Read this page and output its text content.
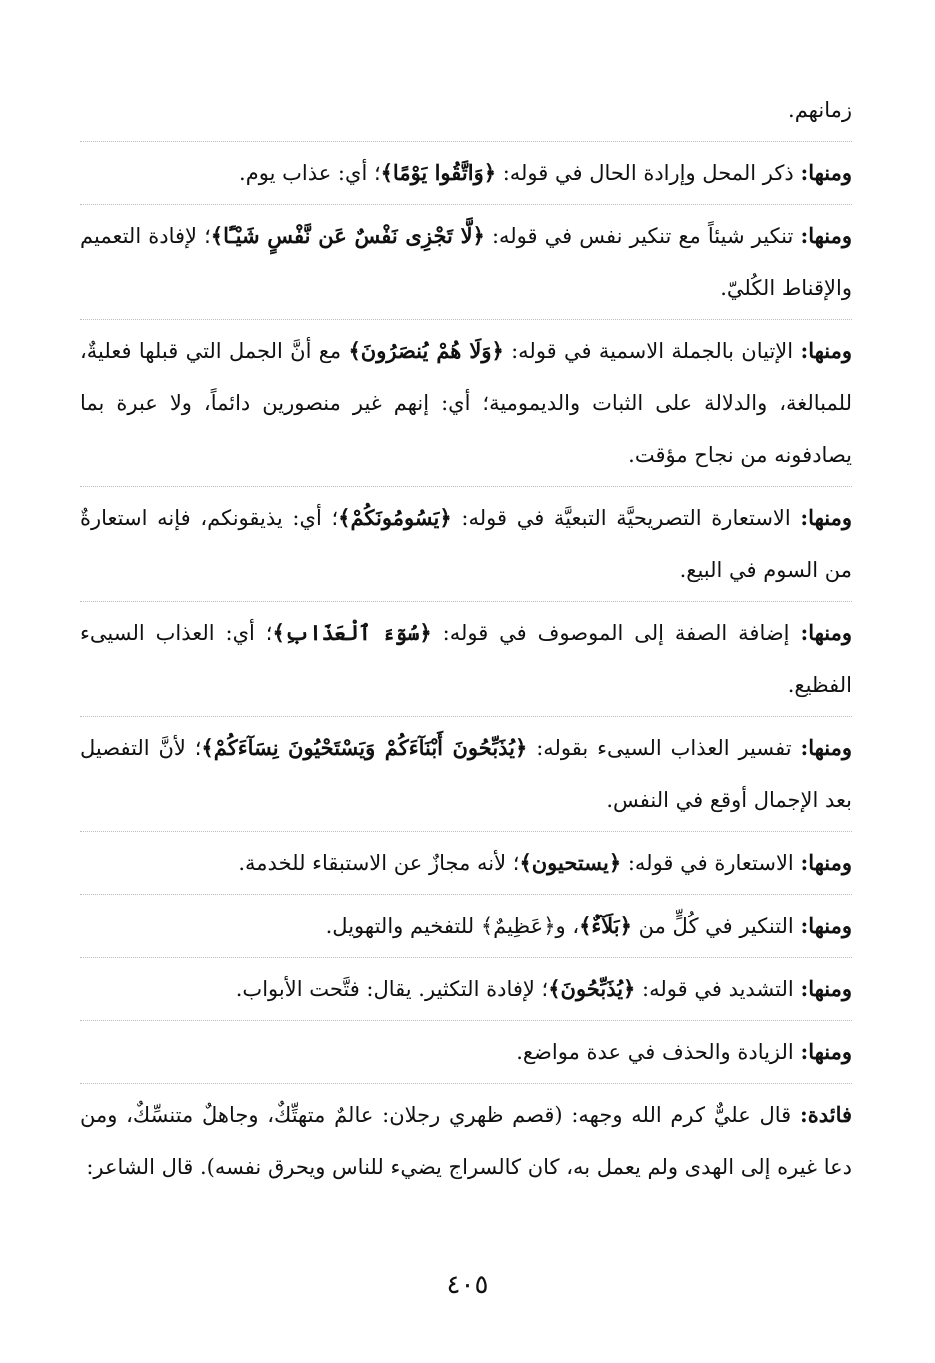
زمانهم.

ومنها: ذكر المحل وإرادة الحال في قوله: ﴿وَاتَّقُوا يَوْمًا﴾؛ أي: عذاب يوم.

ومنها: تنكير شيئاً مع تنكير نفس في قوله: ﴿لَّا تَجْزِى نَفْسٌ عَن نَّفْسٍ شَيْـًٔا﴾؛ لإفادة التعميم والإقناط الكُليّ.

ومنها: الإتيان بالجملة الاسمية في قوله: ﴿وَلَا هُمْ يُنصَرُونَ﴾ مع أنَّ الجمل التي قبلها فعليةٌ، للمبالغة، والدلالة على الثبات والديمومية؛ أي: إنهم غير منصورين دائماً، ولا عبرة بما يصادفونه من نجاح مؤقت.

ومنها: الاستعارة التصريحيَّة التبعيَّة في قوله: ﴿يَسُومُونَكُمْ﴾؛ أي: يذيقونكم، فإنه استعارةٌ من السوم في البيع.

ومنها: إضافة الصفة إلى الموصوف في قوله: ﴿سُوٓءَ ٱلْعَذَابِ﴾؛ أي: العذاب السيىء الفظيع.

ومنها: تفسير العذاب السيىء بقوله: ﴿يُذَبِّحُونَ أَبْنَآءَكُمْ وَيَسْتَحْيُونَ نِسَآءَكُمْ﴾؛ لأنَّ التفصيل بعد الإجمال أوقع في النفس.

ومنها: الاستعارة في قوله: ﴿يستحيون﴾؛ لأنه مجازٌ عن الاستبقاء للخدمة.

ومنها: التنكير في كُلٍّ من ﴿بَلَآءٌ﴾، و﴿عَظِيمٌ﴾ للتفخيم والتهويل.

ومنها: التشديد في قوله: ﴿يُذَبِّحُونَ﴾؛ لإفادة التكثير. يقال: فتَّحت الأبواب.

ومنها: الزيادة والحذف في عدة مواضع.

فائدة: قال عليٌّ كرم الله وجهه: (قصم ظهري رجلان: عالمٌ متهتِّكٌ، وجاهلٌ متنسِّكٌ، ومن دعا غيره إلى الهدى ولم يعمل به، كان كالسراج يضيء للناس ويحرق نفسه). قال الشاعر:

٤٠٥
